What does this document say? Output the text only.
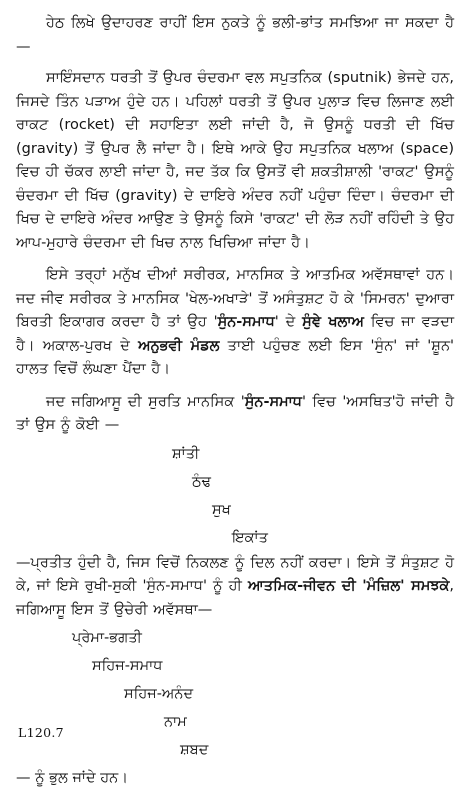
ਹੇਠ ਲਿਖੇ ਉਦਾਹਰਣ ਰਾਹੀਂ ਇਸ ਨੁਕਤੇ ਨੂੰ ਭਲੀ-ਭਾਂਤ ਸਮਝਿਆ ਜਾ ਸਕਦਾ ਹੈ —

ਸਾਇੰਸਦਾਨ ਧਰਤੀ ਤੋਂ ਉਪਰ ਚੰਦਰਮਾ ਵਲ ਸਪੁਤਨਿਕ (sputnik) ਭੇਜਦੇ ਹਨ, ਜਿਸਦੇ ਤਿੰਨ ਪੜਾਅ ਹੁੰਦੇ ਹਨ। ਪਹਿਲਾਂ ਧਰਤੀ ਤੋਂ ਉਪਰ ਪੁਲਾੜ ਵਿਚ ਲਿਜਾਣ ਲਈ ਰਾਕਟ (rocket) ਦੀ ਸਹਾਇਤਾ ਲਈ ਜਾਂਦੀ ਹੈ, ਜੋ ਉਸਨੂੰ ਧਰਤੀ ਦੀ ਖਿੱਚ (gravity) ਤੋਂ ਉਪਰ ਲੈ ਜਾਂਦਾ ਹੈ। ਇਥੇ ਆਕੇ ਉਹ ਸਪੁਤਨਿਕ ਖਲਾਅ (space) ਵਿਚ ਹੀ ਚੱਕਰ ਲਾਈ ਜਾਂਦਾ ਹੈ, ਜਦ ਤੱਕ ਕਿ ਉਸਤੋਂ ਵੀ ਸ਼ਕਤੀਸ਼ਾਲੀ 'ਰਾਕਟ' ਉਸਨੂੰ ਚੰਦਰਮਾ ਦੀ ਖਿੱਚ (gravity) ਦੇ ਦਾਇਰੇ ਅੰਦਰ ਨਹੀਂ ਪਹੁੰਚਾ ਦਿੰਦਾ। ਚੰਦਰਮਾ ਦੀ ਖਿਚ ਦੇ ਦਾਇਰੇ ਅੰਦਰ ਆਉਣ ਤੇ ਉਸਨੂੰ ਕਿਸੇ 'ਰਾਕਟ' ਦੀ ਲੋੜ ਨਹੀਂ ਰਹਿੰਦੀ ਤੇ ਉਹ ਆਪ-ਮੁਹਾਰੇ ਚੰਦਰਮਾ ਦੀ ਖਿਚ ਨਾਲ ਖਿਚਿਆ ਜਾਂਦਾ ਹੈ।

ਇਸੇ ਤਰ੍ਹਾਂ ਮਨੁੱਖ ਦੀਆਂ ਸਰੀਰਕ, ਮਾਨਸਿਕ ਤੇ ਆਤਮਿਕ ਅਵੱਸਥਾਵਾਂ ਹਨ। ਜਦ ਜੀਵ ਸਰੀਰਕ ਤੇ ਮਾਨਸਿਕ 'ਖੇਲ-ਅਖਾੜੇ' ਤੋਂ ਅਸੰਤੁਸ਼ਟ ਹੋ ਕੇ 'ਸਿਮਰਨ' ਦੁਆਰਾ ਬਿਰਤੀ ਇਕਾਗਰ ਕਰਦਾ ਹੈ ਤਾਂ ਉਹ 'ਸੁੰਨ-ਸਮਾਧ' ਦੇ ਸੁੰਞੇ ਖਲਾਅ ਵਿਚ ਜਾ ਵੜਦਾ ਹੈ। ਅਕਾਲ-ਪੁਰਖ ਦੇ ਅਨੁਭਵੀ ਮੰਡਲ ਤਾਈ ਪਹੁੰਚਣ ਲਈ ਇਸ 'ਸੁੰਨ' ਜਾਂ 'ਸ਼ੂਨ' ਹਾਲਤ ਵਿਚੋਂ ਲੰਘਣਾ ਪੈਂਦਾ ਹੈ।

ਜਦ ਜਗਿਆਸੂ ਦੀ ਸੁਰਤਿ ਮਾਨਸਿਕ 'ਸੁੰਨ-ਸਮਾਧ' ਵਿਚ 'ਅਸਥਿਤ'ਹੋ ਜਾਂਦੀ ਹੈ ਤਾਂ ਉਸ ਨੂੰ ਕੋਈ —

ਸ਼ਾਂਤੀ
ਠੰਢ
ਸੁਖ
ਇਕਾਂਤ

—ਪ੍ਰਤੀਤ ਹੁੰਦੀ ਹੈ, ਜਿਸ ਵਿਚੋਂ ਨਿਕਲਣ ਨੂੰ ਦਿਲ ਨਹੀਂ ਕਰਦਾ। ਇਸੇ ਤੋਂ ਸੰਤੁਸ਼ਟ ਹੋ ਕੇ, ਜਾਂ ਇਸੇ ਰੁਖੀ-ਸੁਕੀ 'ਸੁੰਨ-ਸਮਾਧ' ਨੂੰ ਹੀ ਆਤਮਿਕ-ਜੀਵਨ ਦੀ 'ਮੰਜ਼ਿਲ' ਸਮਝਕੇ, ਜਗਿਆਸੂ ਇਸ ਤੋਂ ਉਚੇਰੀ ਅਵੱਸਥਾ—

ਪ੍ਰੇਮਾ-ਭਗਤੀ
ਸਹਿਜ-ਸਮਾਧ
ਸਹਿਜ-ਅਨੰਦ
ਨਾਮ
ਸ਼ਬਦ

— ਨੂੰ ਭੁਲ ਜਾਂਦੇ ਹਨ।

L120.7
